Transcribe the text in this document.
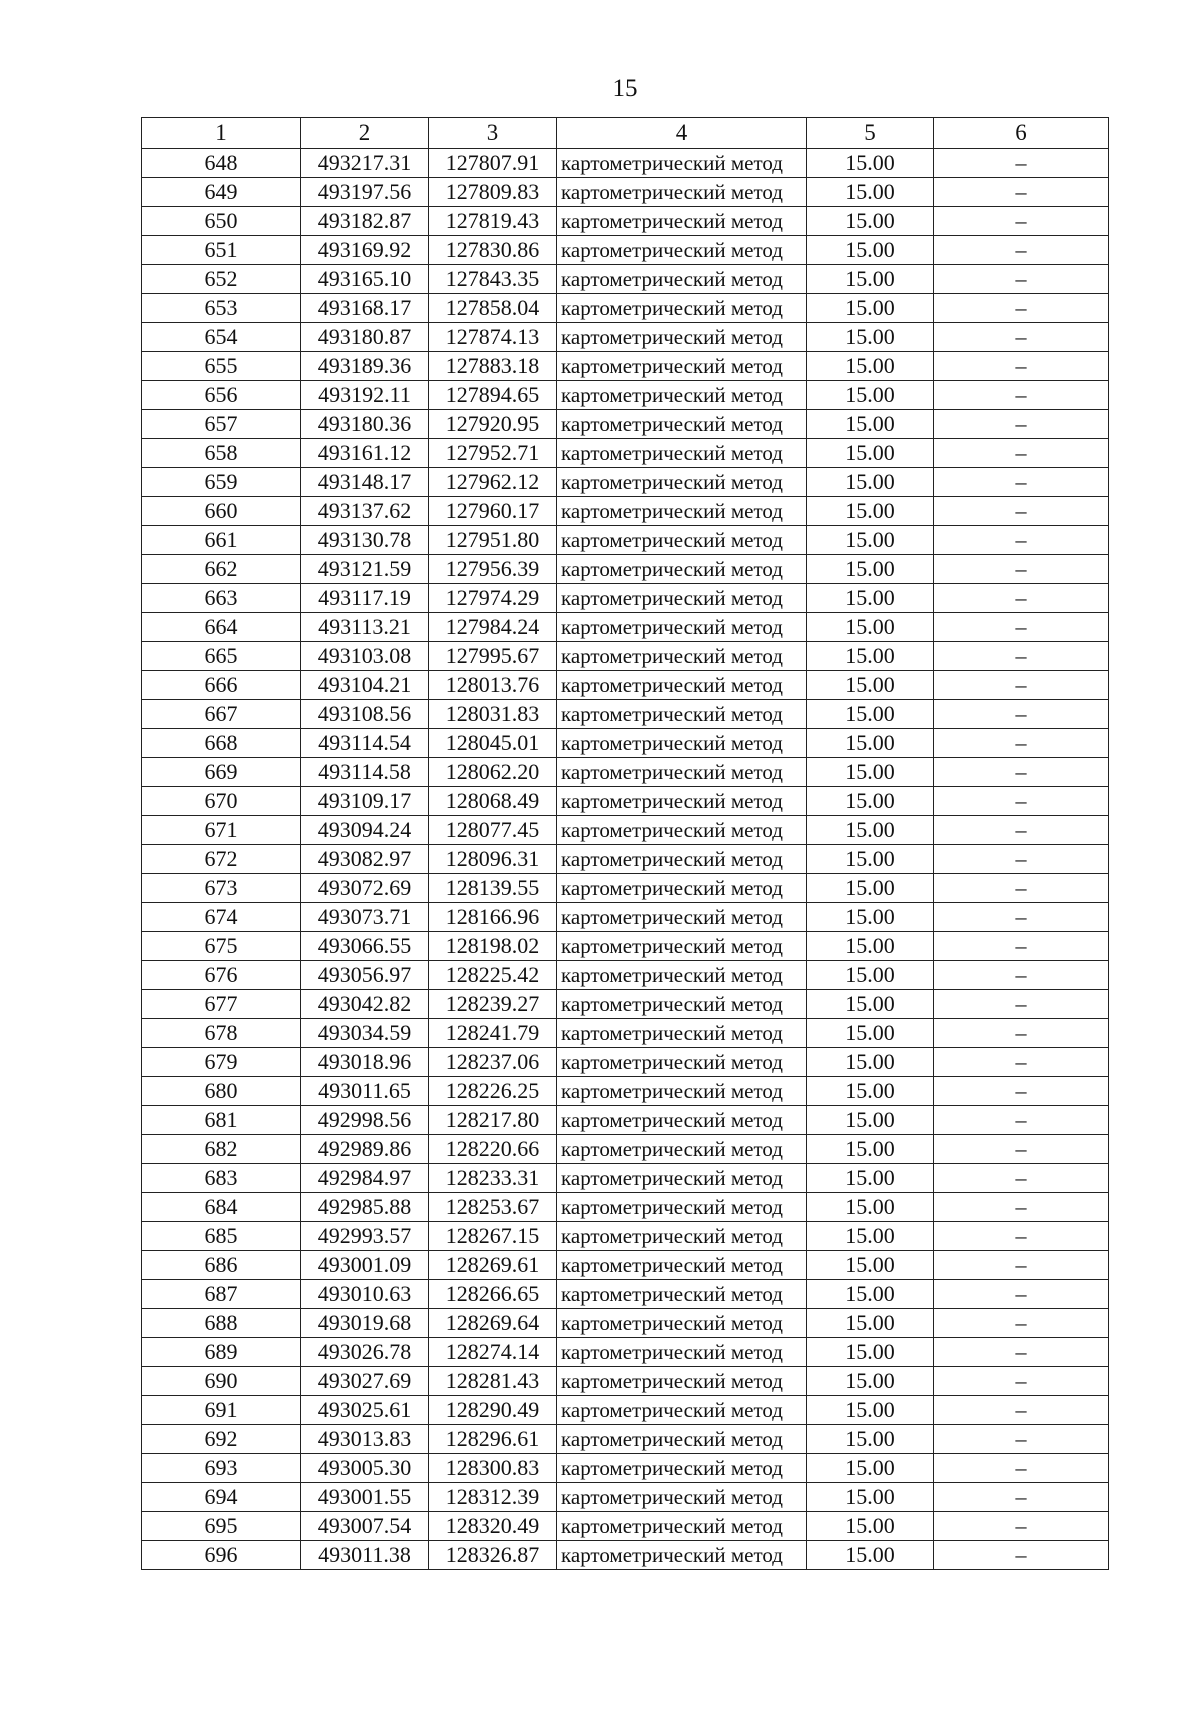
15
1	2	3	4	5	6
648	493217.31	127807.91	картометрический метод	15.00	–
649	493197.56	127809.83	картометрический метод	15.00	–
650	493182.87	127819.43	картометрический метод	15.00	–
651	493169.92	127830.86	картометрический метод	15.00	–
652	493165.10	127843.35	картометрический метод	15.00	–
653	493168.17	127858.04	картометрический метод	15.00	–
654	493180.87	127874.13	картометрический метод	15.00	–
655	493189.36	127883.18	картометрический метод	15.00	–
656	493192.11	127894.65	картометрический метод	15.00	–
657	493180.36	127920.95	картометрический метод	15.00	–
658	493161.12	127952.71	картометрический метод	15.00	–
659	493148.17	127962.12	картометрический метод	15.00	–
660	493137.62	127960.17	картометрический метод	15.00	–
661	493130.78	127951.80	картометрический метод	15.00	–
662	493121.59	127956.39	картометрический метод	15.00	–
663	493117.19	127974.29	картометрический метод	15.00	–
664	493113.21	127984.24	картометрический метод	15.00	–
665	493103.08	127995.67	картометрический метод	15.00	–
666	493104.21	128013.76	картометрический метод	15.00	–
667	493108.56	128031.83	картометрический метод	15.00	–
668	493114.54	128045.01	картометрический метод	15.00	–
669	493114.58	128062.20	картометрический метод	15.00	–
670	493109.17	128068.49	картометрический метод	15.00	–
671	493094.24	128077.45	картометрический метод	15.00	–
672	493082.97	128096.31	картометрический метод	15.00	–
673	493072.69	128139.55	картометрический метод	15.00	–
674	493073.71	128166.96	картометрический метод	15.00	–
675	493066.55	128198.02	картометрический метод	15.00	–
676	493056.97	128225.42	картометрический метод	15.00	–
677	493042.82	128239.27	картометрический метод	15.00	–
678	493034.59	128241.79	картометрический метод	15.00	–
679	493018.96	128237.06	картометрический метод	15.00	–
680	493011.65	128226.25	картометрический метод	15.00	–
681	492998.56	128217.80	картометрический метод	15.00	–
682	492989.86	128220.66	картометрический метод	15.00	–
683	492984.97	128233.31	картометрический метод	15.00	–
684	492985.88	128253.67	картометрический метод	15.00	–
685	492993.57	128267.15	картометрический метод	15.00	–
686	493001.09	128269.61	картометрический метод	15.00	–
687	493010.63	128266.65	картометрический метод	15.00	–
688	493019.68	128269.64	картометрический метод	15.00	–
689	493026.78	128274.14	картометрический метод	15.00	–
690	493027.69	128281.43	картометрический метод	15.00	–
691	493025.61	128290.49	картометрический метод	15.00	–
692	493013.83	128296.61	картометрический метод	15.00	–
693	493005.30	128300.83	картометрический метод	15.00	–
694	493001.55	128312.39	картометрический метод	15.00	–
695	493007.54	128320.49	картометрический метод	15.00	–
696	493011.38	128326.87	картометрический метод	15.00	–
